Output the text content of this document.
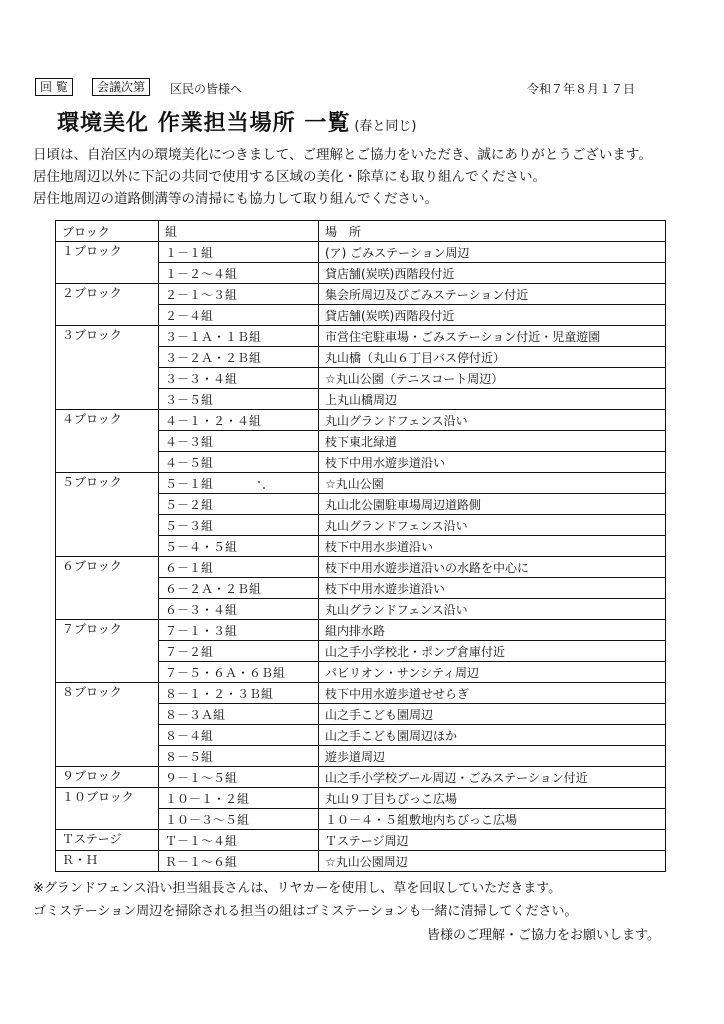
回 覧	会議次第	区民の皆様へ	令和７年８月１７日
環境美化 作業担当場所 一覧 (春と同じ)
日頃は、自治区内の環境美化につきまして、ご理解とご協力をいただき、誠にありがとうございます。
居住地周辺以外に下記の共同で使用する区域の美化・除草にも取り組んでください。
居住地周辺の道路側溝等の清掃にも協力して取り組んでください。
ブロック	組	場　所
１ブロック	１－１組	(ア) ごみステーション周辺
	１－２～４組	貸店舗(炭咲)西階段付近
２ブロック	２－１～３組	集会所周辺及びごみステーション付近
	２－４組	貸店舗(炭咲)西階段付近
３ブロック	３－１Ａ・１Ｂ組	市営住宅駐車場・ごみステーション付近・児童遊園
	３－２Ａ・２Ｂ組	丸山橋（丸山６丁目バス停付近）
	３－３・４組	☆丸山公園（テニスコート周辺）
	３－５組	上丸山橋周辺
４ブロック	４－１・２・４組	丸山グランドフェンス沿い
	４－３組	枝下東北緑道
	４－５組	枝下中用水遊歩道沿い
５ブロック	５－１組	☆丸山公園
	５－２組	丸山北公園駐車場周辺道路側
	５－３組	丸山グランドフェンス沿い
	５－４・５組	枝下中用水歩道沿い
６ブロック	６－１組	枝下中用水遊歩道沿いの水路を中心に
	６－２Ａ・２Ｂ組	枝下中用水遊歩道沿い
	６－３・４組	丸山グランドフェンス沿い
７ブロック	７－１・３組	組内排水路
	７－２組	山之手小学校北・ポンプ倉庫付近
	７－５・６Ａ・６Ｂ組	パビリオン・サンシティ周辺
８ブロック	８－１・２・３Ｂ組	枝下中用水遊歩道せせらぎ
	８－３Ａ組	山之手こども園周辺
	８－４組	山之手こども園周辺ほか
	８－５組	遊歩道周辺
９ブロック	９－１～５組	山之手小学校プール周辺・ごみステーション付近
１０ブロック	１０－１・２組	丸山９丁目ちびっこ広場
	１０－３～５組	１０－４・５組敷地内ちびっこ広場
Ｔステージ	Ｔ－１～４組	Ｔステージ周辺
Ｒ・Ｈ	Ｒ－１～６組	☆丸山公園周辺
※グランドフェンス沿い担当組長さんは、リヤカーを使用し、草を回収していただきます。
ゴミステーション周辺を掃除される担当の組はゴミステーションも一緒に清掃してください。
皆様のご理解・ご協力をお願いします。
